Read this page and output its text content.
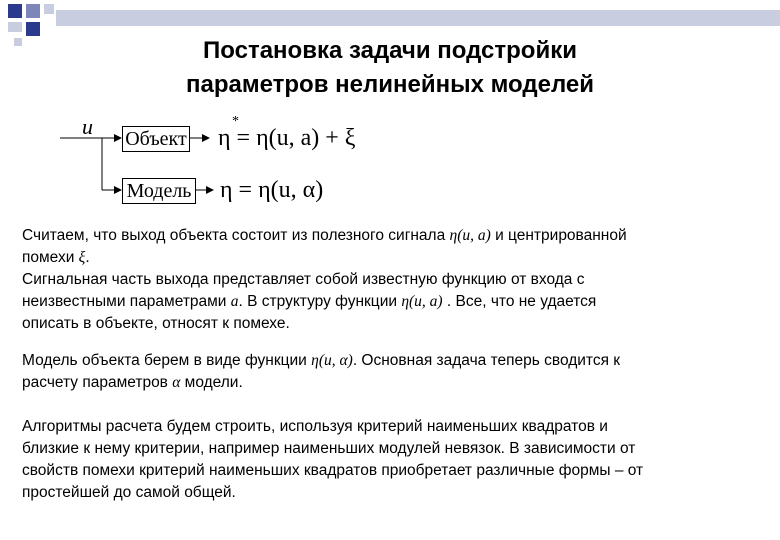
Постановка задачи подстройки
параметров нелинейных моделей
u Объект
Модель
*
η = η(u, a) + ξ
η = η(u, α)
Считаем, что выход объекта состоит из полезного сигнала η(u, a) и центрированной
помехи ξ.
Сигнальная часть выхода представляет собой известную функцию от входа с
неизвестными параметрами a. В структуру функции η(u, a) . Все, что не удается
описать в объекте, относят к помехе.
Модель объекта берем в виде функции η(u, α). Основная задача теперь сводится к
расчету параметров α модели.
Алгоритмы расчета будем строить, используя критерий наименьших квадратов и
близкие к нему критерии, например наименьших модулей невязок. В зависимости от
свойств помехи критерий наименьших квадратов приобретает различные формы – от
простейшей до самой общей.
